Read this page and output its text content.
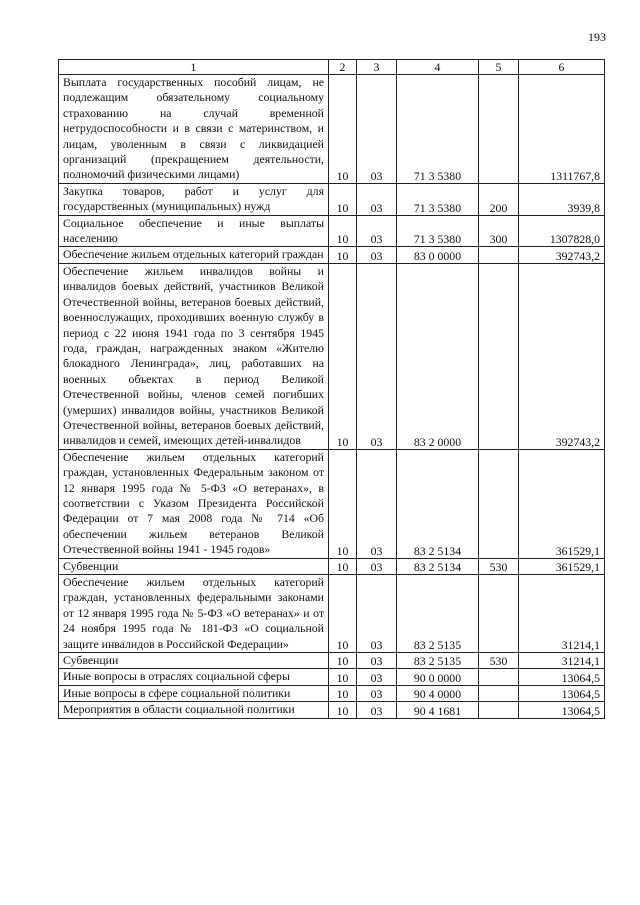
193
1	2	3	4	5	6
Выплата государственных пособий лицам, не подлежащим обязательному социальному страхованию на случай временной нетрудоспособности и в связи с материнством, и лицам, уволенным в связи с ликвидацией организаций (прекращением деятельности, полномочий физическими лицами)	10	03	71 3 5380		1311767,8
Закупка товаров, работ и услуг для государственных (муниципальных) нужд	10	03	71 3 5380	200	3939,8
Социальное обеспечение и иные выплаты населению	10	03	71 3 5380	300	1307828,0
Обеспечение жильем отдельных категорий граждан	10	03	83 0 0000		392743,2
Обеспечение жильем инвалидов войны и инвалидов боевых действий, участников Великой Отечественной войны, ветеранов боевых действий, военнослужащих, проходивших военную службу в период с 22 июня 1941 года по 3 сентября 1945 года, граждан, награжденных знаком «Жителю блокадного Ленинграда», лиц, работавших на военных объектах в период Великой Отечественной войны, членов семей погибших (умерших) инвалидов войны, участников Великой Отечественной войны, ветеранов боевых действий, инвалидов и семей, имеющих детей-инвалидов	10	03	83 2 0000		392743,2
Обеспечение жильем отдельных категорий граждан, установленных Федеральным законом от 12 января 1995 года № 5-ФЗ «О ветеранах», в соответствии с Указом Президента Российской Федерации от 7 мая 2008 года № 714 «Об обеспечении жильем ветеранов Великой Отечественной войны 1941 - 1945 годов»	10	03	83 2 5134		361529,1
Субвенции	10	03	83 2 5134	530	361529,1
Обеспечение жильем отдельных категорий граждан, установленных федеральными законами от 12 января 1995 года № 5-ФЗ «О ветеранах» и от 24 ноября 1995 года № 181-ФЗ «О социальной защите инвалидов в Российской Федерации»	10	03	83 2 5135		31214,1
Субвенции	10	03	83 2 5135	530	31214,1
Иные вопросы в отраслях социальной сферы	10	03	90 0 0000		13064,5
Иные вопросы в сфере социальной политики	10	03	90 4 0000		13064,5
Мероприятия в области социальной политики	10	03	90 4 1681		13064,5
